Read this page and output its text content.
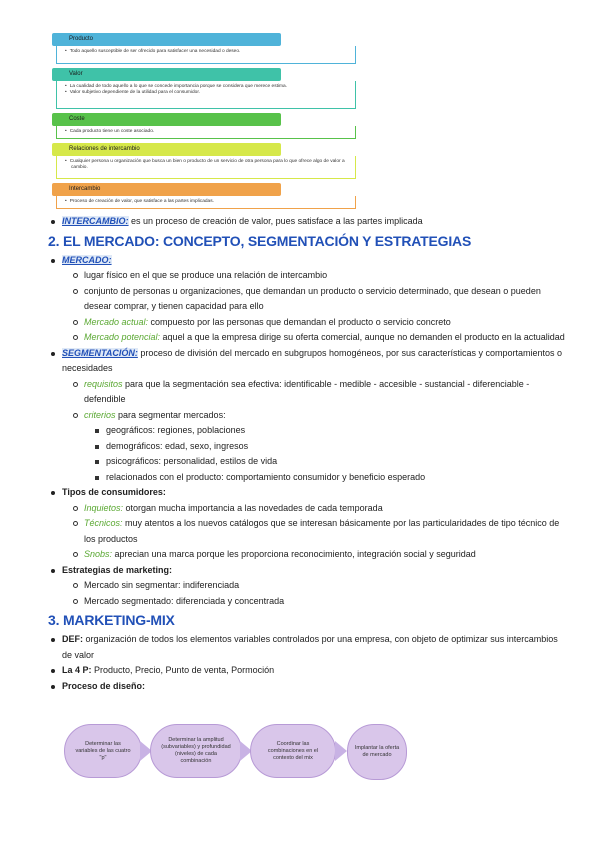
Producto
• Todo aquello susceptible de ser ofrecido para satisfacer una necesidad o deseo.
Valor
• La cualidad de todo aquello a lo que se concede importancia porque se considera que merece estima.
• Valor subjetivo dependiente de la utilidad para el consumidor.
Coste
• Cada producto tiene un coste asociado.
Relaciones de intercambio
• Cualquier persona u organización que busca un bien o producto de un servicio de otra persona para lo que ofrece algo de valor a cambio.
Intercambio
• Proceso de creación de valor, que satisface a las partes implicadas.
INTERCAMBIO: es un proceso de creación de valor, pues satisface a las partes implicada
2. EL MERCADO: CONCEPTO, SEGMENTACIÓN Y ESTRATEGIAS
MERCADO:
lugar físico en el que se produce una relación de intercambio
conjunto de personas u organizaciones, que demandan un producto o servicio determinado, que desean o pueden desear comprar, y tienen capacidad para ello
Mercado actual: compuesto por las personas que demandan el producto o servicio concreto
Mercado potencial: aquel a que la empresa dirige su oferta comercial, aunque no demanden el producto en la actualidad
SEGMENTACIÓN: proceso de división del mercado en subgrupos homogéneos, por sus características y comportamientos o necesidades
requisitos para que la segmentación sea efectiva: identificable - medible - accesible - sustancial - diferenciable - defendible
criterios para segmentar mercados:
geográficos: regiones, poblaciones
demográficos: edad, sexo, ingresos
psicográficos: personalidad, estilos de vida
relacionados con el producto: comportamiento consumidor y beneficio esperado
Tipos de consumidores:
Inquietos: otorgan mucha importancia a las novedades de cada temporada
Técnicos: muy atentos a los nuevos catálogos que se interesan básicamente por las particularidades de tipo técnico de los productos
Snobs: aprecian una marca porque les proporciona reconocimiento, integración social y seguridad
Estrategias de marketing:
Mercado sin segmentar: indiferenciada
Mercado segmentado: diferenciada y concentrada
3. MARKETING-MIX
DEF: organización de todos los elementos variables controlados por una empresa, con objeto de optimizar sus intercambios de valor
La 4 P: Producto, Precio, Punto de venta, Pormoción
Proceso de diseño:
Determinar las variables de las cuatro "p"
Determinar la amplitud (subvariables) y profundidad (niveles) de cada combinación
Coordinar las combinaciones en el contexto del mix
Implantar la oferta de mercado
